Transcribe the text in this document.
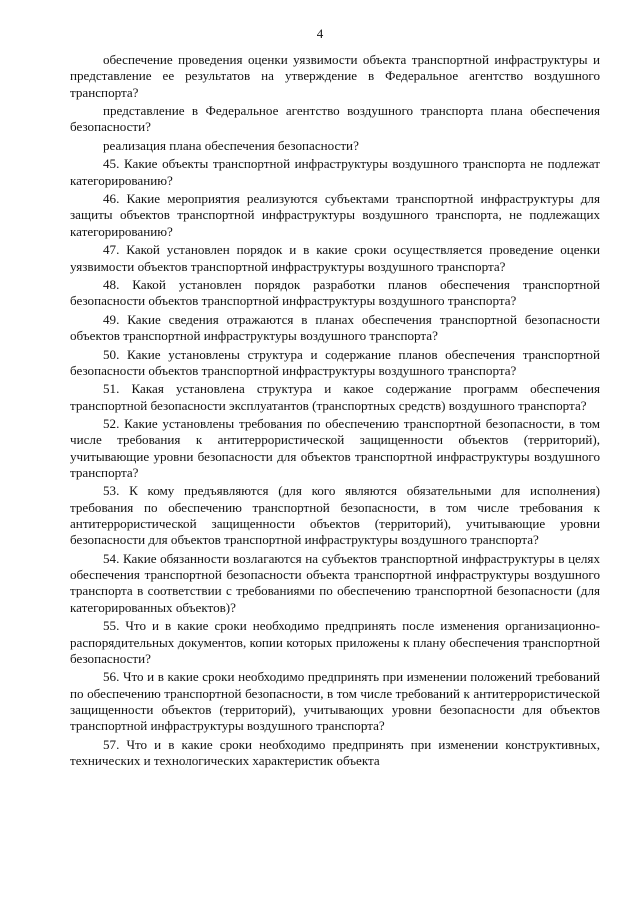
4

обеспечение проведения оценки уязвимости объекта транспортной инфраструктуры и представление ее результатов на утверждение в Федеральное агентство воздушного транспорта?

представление в Федеральное агентство воздушного транспорта плана обеспечения безопасности?

реализация плана обеспечения безопасности?

45. Какие объекты транспортной инфраструктуры воздушного транспорта не подлежат категорированию?

46. Какие мероприятия реализуются субъектами транспортной инфраструктуры для защиты объектов транспортной инфраструктуры воздушного транспорта, не подлежащих категорированию?

47. Какой установлен порядок и в какие сроки осуществляется проведение оценки уязвимости объектов транспортной инфраструктуры воздушного транспорта?

48. Какой установлен порядок разработки планов обеспечения транспортной безопасности объектов транспортной инфраструктуры воздушного транспорта?

49. Какие сведения отражаются в планах обеспечения транспортной безопасности объектов транспортной инфраструктуры воздушного транспорта?

50. Какие установлены структура и содержание планов обеспечения транспортной безопасности объектов транспортной инфраструктуры воздушного транспорта?

51. Какая установлена структура и какое содержание программ обеспечения транспортной безопасности эксплуатантов (транспортных средств) воздушного транспорта?

52. Какие установлены требования по обеспечению транспортной безопасности, в том числе требования к антитеррористической защищенности объектов (территорий), учитывающие уровни безопасности для объектов транспортной инфраструктуры воздушного транспорта?

53. К кому предъявляются (для кого являются обязательными для исполнения) требования по обеспечению транспортной безопасности, в том числе требования к антитеррористической защищенности объектов (территорий), учитывающие уровни безопасности для объектов транспортной инфраструктуры воздушного транспорта?

54. Какие обязанности возлагаются на субъектов транспортной инфраструктуры в целях обеспечения транспортной безопасности объекта транспортной инфраструктуры воздушного транспорта в соответствии с требованиями по обеспечению транспортной безопасности (для категорированных объектов)?

55. Что и в какие сроки необходимо предпринять после изменения организационно-распорядительных документов, копии которых приложены к плану обеспечения транспортной безопасности?

56. Что и в какие сроки необходимо предпринять при изменении положений требований по обеспечению транспортной безопасности, в том числе требований к антитеррористической защищенности объектов (территорий), учитывающих уровни безопасности для объектов транспортной инфраструктуры воздушного транспорта?

57. Что и в какие сроки необходимо предпринять при изменении конструктивных, технических и технологических характеристик объекта
